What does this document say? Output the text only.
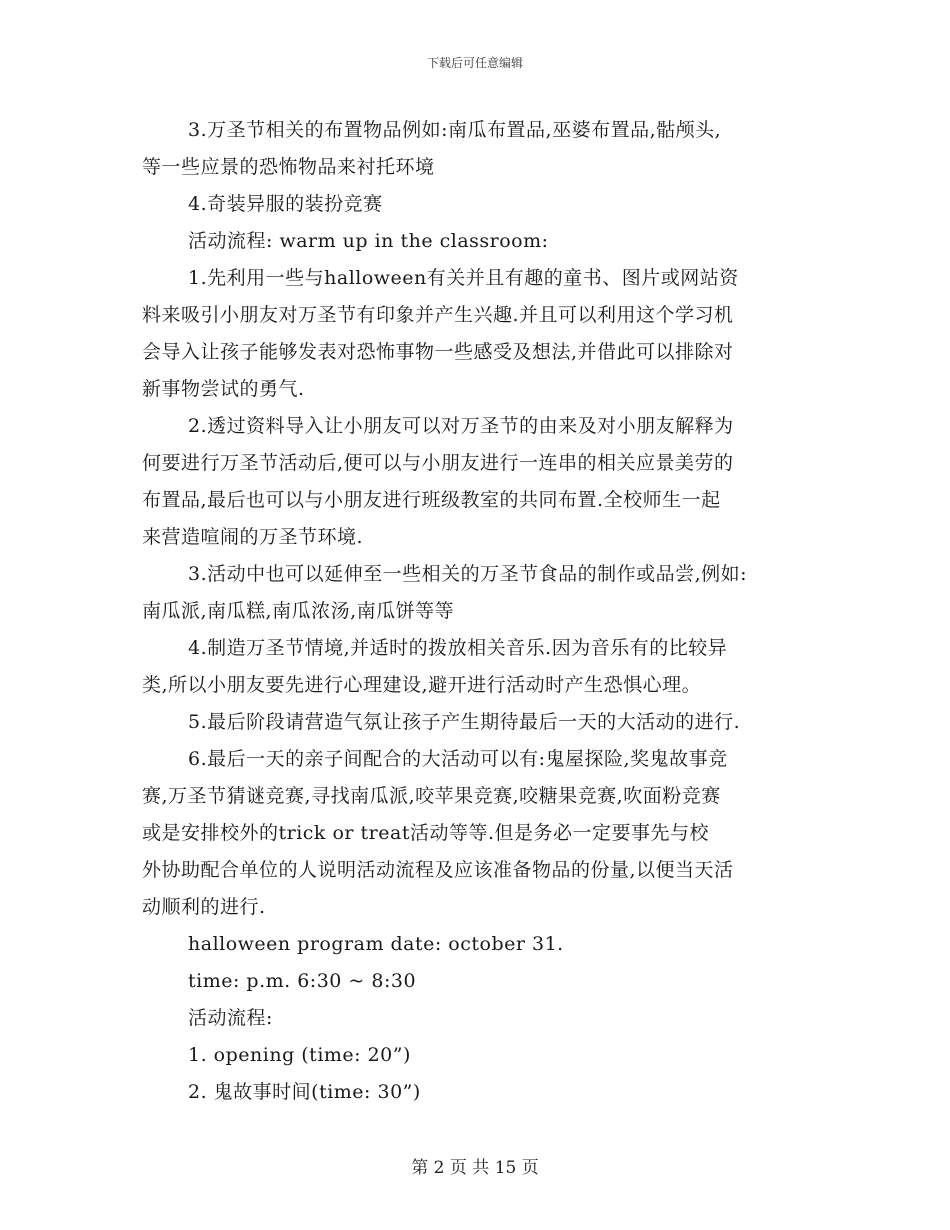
下载后可任意编辑
3.万圣节相关的布置物品例如:南瓜布置品,巫婆布置品,骷颅头,
等一些应景的恐怖物品来衬托环境
4.奇装异服的装扮竞赛
活动流程: warm up in the classroom:
1.先利用一些与halloween有关并且有趣的童书、图片或网站资
料来吸引小朋友对万圣节有印象并产生兴趣.并且可以利用这个学习机
会导入让孩子能够发表对恐怖事物一些感受及想法,并借此可以排除对
新事物尝试的勇气.
2.透过资料导入让小朋友可以对万圣节的由来及对小朋友解释为
何要进行万圣节活动后,便可以与小朋友进行一连串的相关应景美劳的
布置品,最后也可以与小朋友进行班级教室的共同布置.全校师生一起
来营造喧闹的万圣节环境.
3.活动中也可以延伸至一些相关的万圣节食品的制作或品尝,例如:
南瓜派,南瓜糕,南瓜浓汤,南瓜饼等等
4.制造万圣节情境,并适时的拨放相关音乐.因为音乐有的比较异
类,所以小朋友要先进行心理建设,避开进行活动时产生恐惧心理。
5.最后阶段请营造气氛让孩子产生期待最后一天的大活动的进行.
6.最后一天的亲子间配合的大活动可以有:鬼屋探险,奖鬼故事竞
赛,万圣节猜谜竞赛,寻找南瓜派,咬苹果竞赛,咬糖果竞赛,吹面粉竞赛
或是安排校外的trick or treat活动等等.但是务必一定要事先与校
外协助配合单位的人说明活动流程及应该准备物品的份量,以便当天活
动顺利的进行.
halloween program date: october 31.
time: p.m. 6:30 ~ 8:30
活动流程:
1. opening (time: 20”)
2. 鬼故事时间(time: 30”)
第 2 页 共 15 页
